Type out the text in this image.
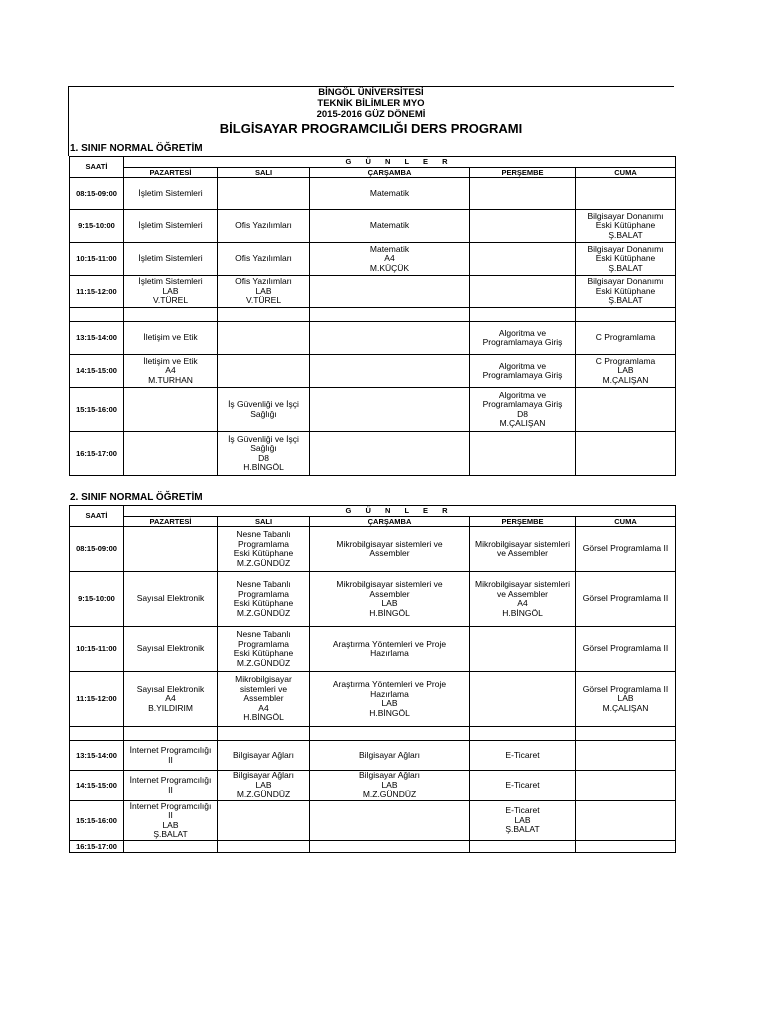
BİNGÖL ÜNİVERSİTESİ
TEKNİK BİLİMLER MYO
2015-2016 GÜZ DÖNEMİ
BİLGİSAYAR PROGRAMCILIĞI DERS PROGRAMI
1. SINIF NORMAL ÖĞRETİM
SAATİ	G Ü N L E R				
	PAZARTESİ	SALI	ÇARŞAMBA	PERŞEMBE	CUMA
08:15-09:00	İşletim Sistemleri		Matematik		

9:15-10:00	İşletim Sistemleri	Ofis Yazılımları	Matematik		Bilgisayar Donanımı
Eski Kütüphane
Ş.BALAT

10:15-11:00	İşletim Sistemleri	Ofis Yazılımları	Matematik
A4
M.KÜÇÜK		Bilgisayar Donanımı
Eski Kütüphane
Ş.BALAT

11:15-12:00	İşletim Sistemleri
LAB
V.TÜREL	Ofis Yazılımları
LAB
V.TÜREL			Bilgisayar Donanımı
Eski Kütüphane
Ş.BALAT

13:15-14:00	İletişim ve Etik			Algoritma ve
Programlamaya Giriş	C Programlama

14:15-15:00	İletişim ve Etik
A4
M.TURHAN			Algoritma ve
Programlamaya Giriş	C Programlama
LAB
M.ÇALIŞAN

15:15-16:00		İş Güvenliği ve İşçi
Sağlığı		Algoritma ve
Programlamaya Giriş
D8
M.ÇALIŞAN	

16:15-17:00		İş Güvenliği ve İşçi
Sağlığı
D8
H.BİNGÖL			

2. SINIF NORMAL ÖĞRETİM
SAATİ	G Ü N L E R				
	PAZARTESİ	SALI	ÇARŞAMBA	PERŞEMBE	CUMA
08:15-09:00		Nesne Tabanlı
Programlama
Eski Kütüphane
M.Z.GÜNDÜZ	Mikrobilgisayar sistemleri ve
Assembler	Mikrobilgisayar sistemleri
ve Assembler	Görsel Programlama II

9:15-10:00	Sayısal Elektronik	Nesne Tabanlı
Programlama
Eski Kütüphane
M.Z.GÜNDÜZ	Mikrobilgisayar sistemleri ve
Assembler
LAB
H.BİNGÖL	Mikrobilgisayar sistemleri
ve Assembler
A4
H.BİNGÖL	Görsel Programlama II

10:15-11:00	Sayısal Elektronik	Nesne Tabanlı
Programlama
Eski Kütüphane
M.Z.GÜNDÜZ	Araştırma Yöntemleri ve Proje
Hazırlama		Görsel Programlama II

11:15-12:00	Sayısal Elektronik
A4
B.YILDIRIM	Mikrobilgisayar
sistemleri ve
Assembler
A4
H.BİNGÖL	Araştırma Yöntemleri ve Proje
Hazırlama
LAB
H.BİNGÖL		Görsel Programlama II
LAB
M.ÇALIŞAN

13:15-14:00	İnternet Programcılığı
II	Bilgisayar Ağları	Bilgisayar Ağları	E-Ticaret	

14:15-15:00	İnternet Programcılığı
II	Bilgisayar Ağları
LAB
M.Z.GÜNDÜZ	Bilgisayar Ağları
LAB
M.Z.GÜNDÜZ	E-Ticaret	

15:15-16:00	İnternet Programcılığı
II
LAB
Ş.BALAT			E-Ticaret
LAB
Ş.BALAT	

16:15-17:00					
